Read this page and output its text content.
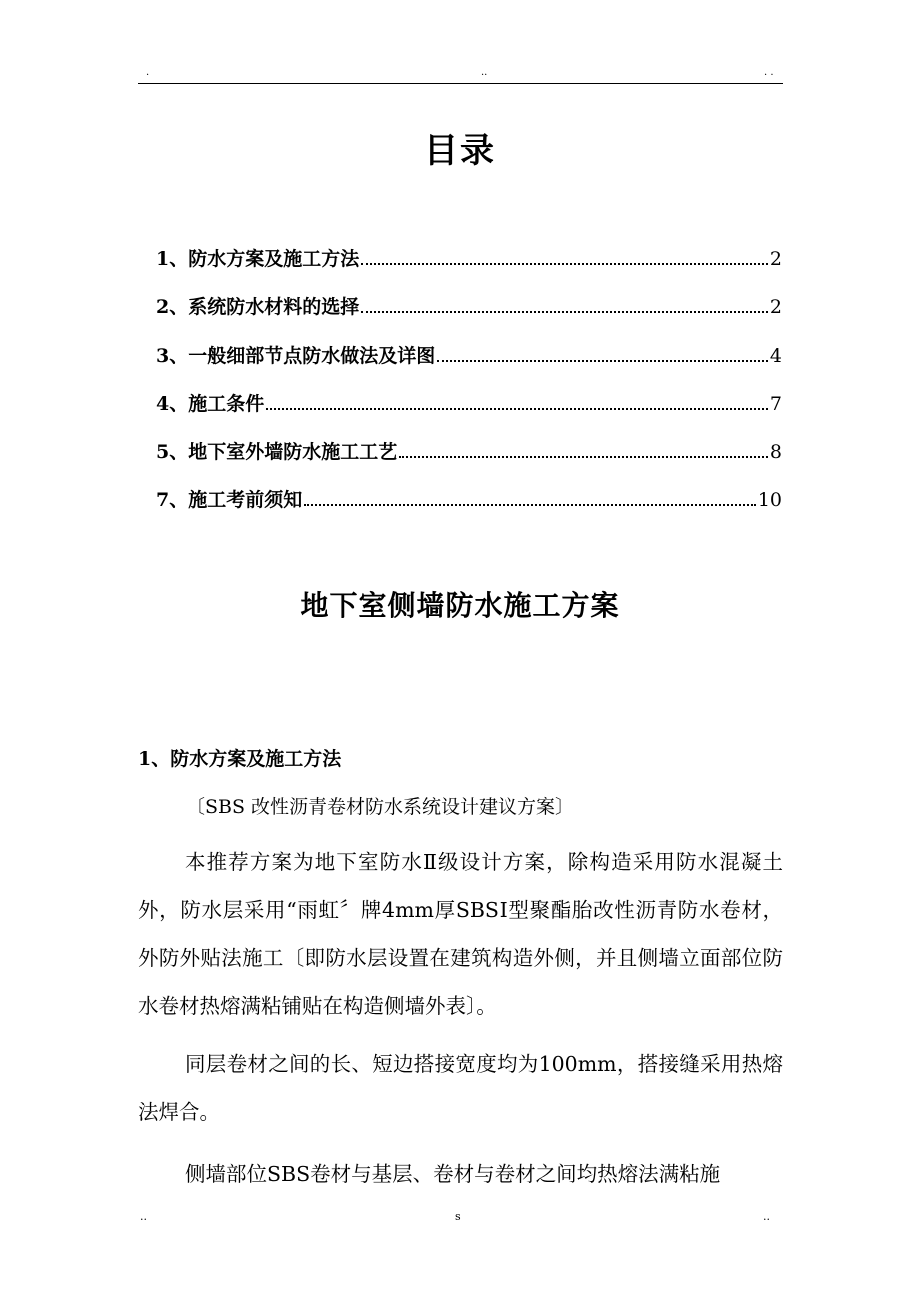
.	..	. .
目录
1、 防水方案及施工方法	2
2、 系统防水材料的选择	2
3、 一般细部节点防水做法及详图	4
4、 施工条件	7
5、 地下室外墙防水施工工艺	8
7、 施工考前须知	10
地下室侧墙防水施工方案
1、防水方案及施工方法
〔SBS 改性沥青卷材防水系统设计建议方案〕
本推荐方案为地下室防水Ⅱ级设计方案，除构造采用防水混凝土外，防水层采用“雨虹〞牌4mm厚SBSⅠ型聚酯胎改性沥青防水卷材，外防外贴法施工〔即防水层设置在建筑构造外侧，并且侧墙立面部位防水卷材热熔满粘铺贴在构造侧墙外表〕。
同层卷材之间的长、短边搭接宽度均为100mm，搭接缝采用热熔法焊合。
侧墙部位SBS卷材与基层、卷材与卷材之间均热熔法满粘施
..	s	..
